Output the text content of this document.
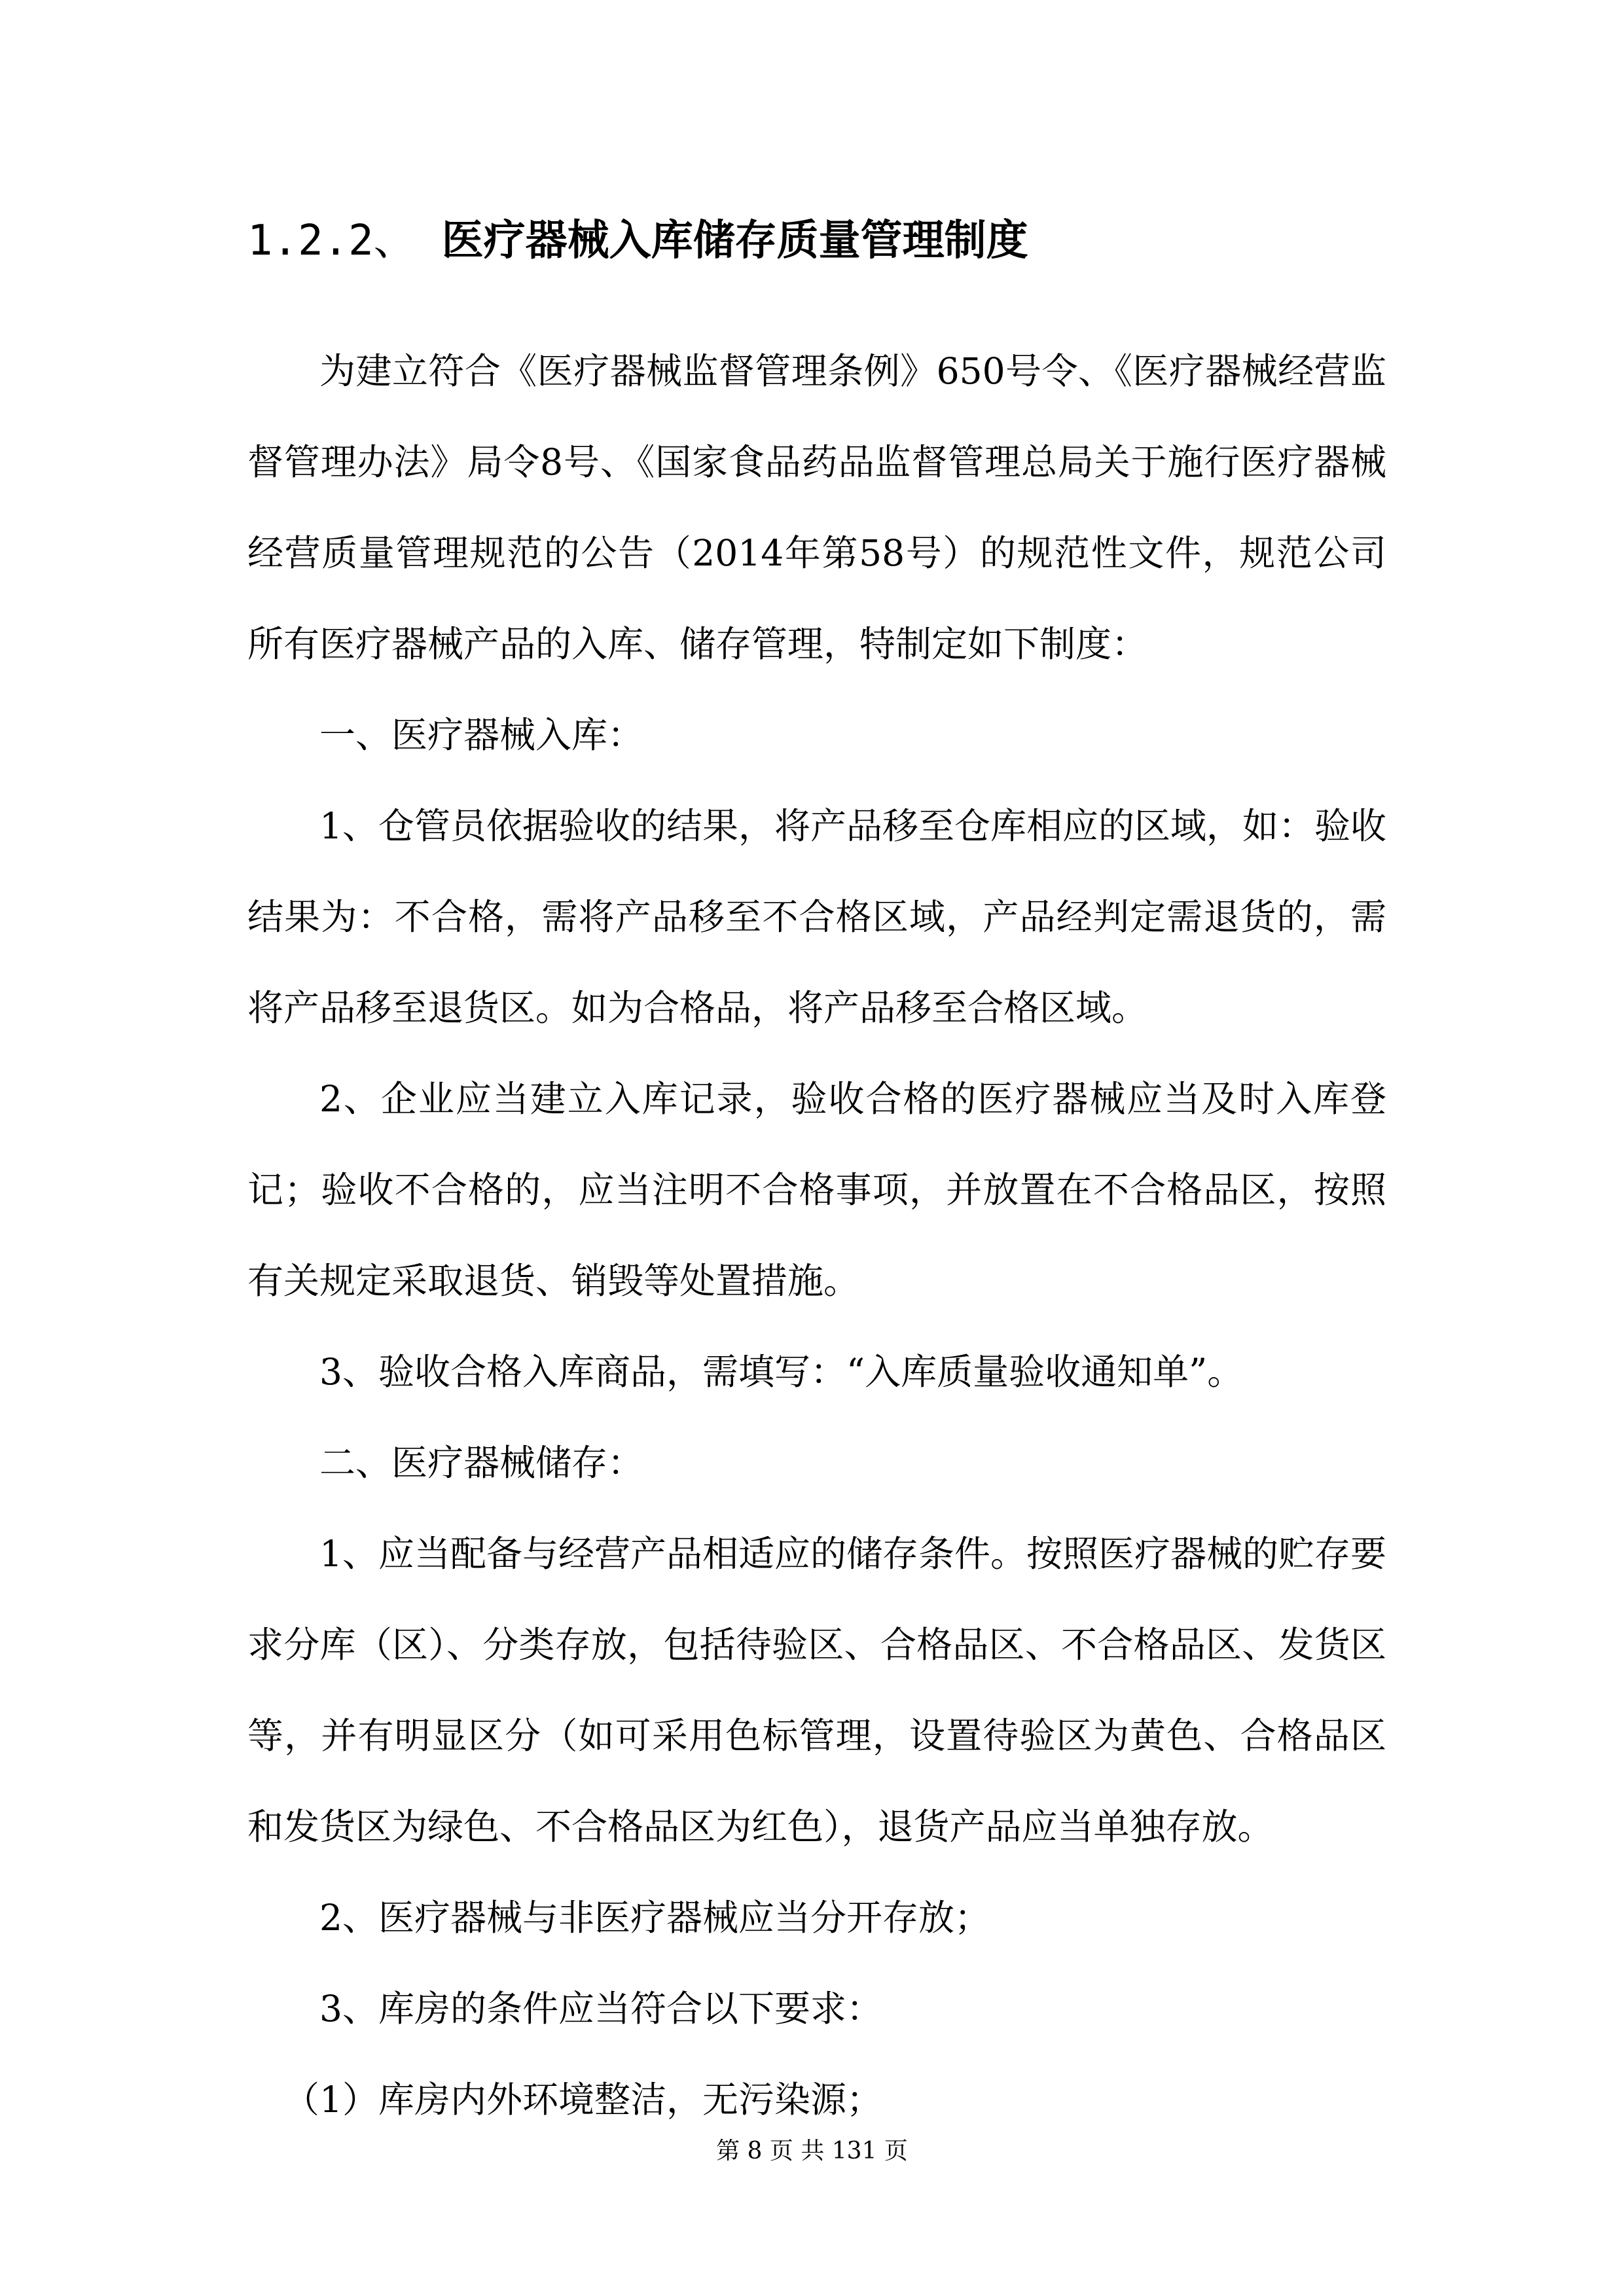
1.2.2、 医疗器械入库储存质量管理制度

为建立符合《医疗器械监督管理条例》650号令、《医疗器械经营监督管理办法》局令8号、《国家食品药品监督管理总局关于施行医疗器械经营质量管理规范的公告（2014年第58号）的规范性文件，规范公司所有医疗器械产品的入库、储存管理，特制定如下制度：

一、医疗器械入库：

1、仓管员依据验收的结果，将产品移至仓库相应的区域，如：验收结果为：不合格，需将产品移至不合格区域，产品经判定需退货的，需将产品移至退货区。如为合格品，将产品移至合格区域。

2、企业应当建立入库记录，验收合格的医疗器械应当及时入库登记；验收不合格的，应当注明不合格事项，并放置在不合格品区，按照有关规定采取退货、销毁等处置措施。

3、验收合格入库商品，需填写：“入库质量验收通知单”。

二、医疗器械储存：

1、应当配备与经营产品相适应的储存条件。按照医疗器械的贮存要求分库（区）、分类存放，包括待验区、合格品区、不合格品区、发货区等，并有明显区分（如可采用色标管理，设置待验区为黄色、合格品区和发货区为绿色、不合格品区为红色），退货产品应当单独存放。

2、医疗器械与非医疗器械应当分开存放；

3、库房的条件应当符合以下要求：

（1）库房内外环境整洁，无污染源；

第 8 页 共 131 页
